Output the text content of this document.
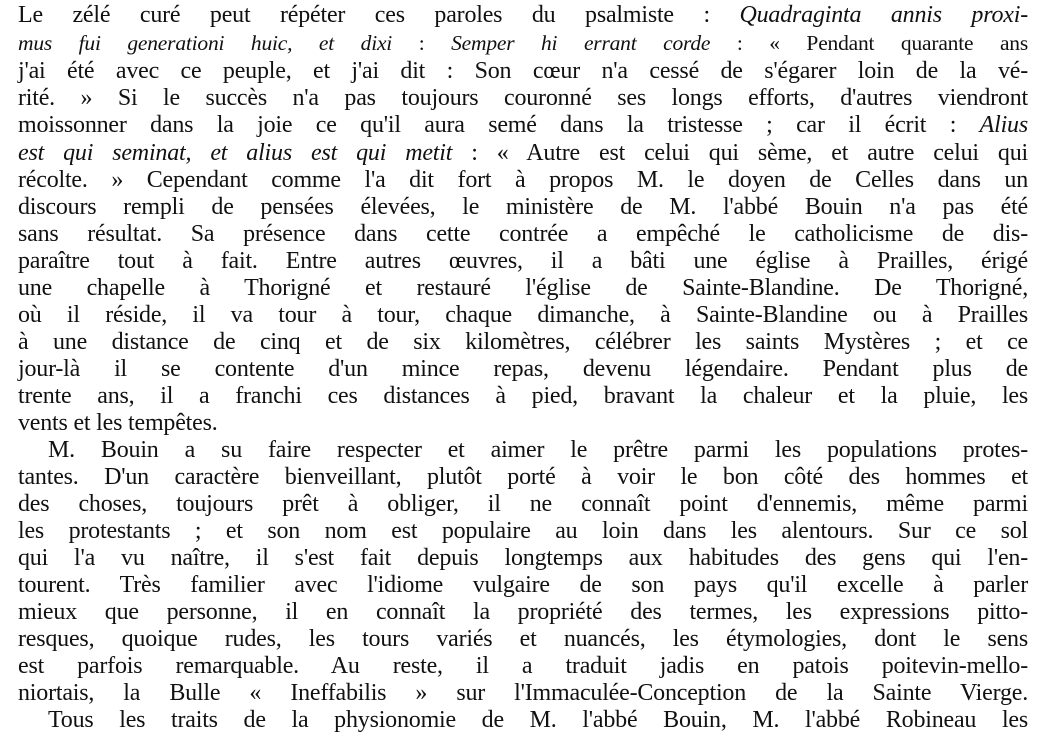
Le zélé curé peut répéter ces paroles du psalmiste : Quadraginta annis proxi-
mus fui generationi huic, et dixi : Semper hi errant corde : « Pendant quarante ans
j'ai été avec ce peuple, et j'ai dit : Son cœur n'a cessé de s'égarer loin de la vé-
rité. » Si le succès n'a pas toujours couronné ses longs efforts, d'autres viendront
moissonner dans la joie ce qu'il aura semé dans la tristesse ; car il écrit : Alius
est qui seminat, et alius est qui metit : « Autre est celui qui sème, et autre celui qui
récolte. » Cependant comme l'a dit fort à propos M. le doyen de Celles dans un
discours rempli de pensées élevées, le ministère de M. l'abbé Bouin n'a pas été
sans résultat. Sa présence dans cette contrée a empêché le catholicisme de dis-
paraître tout à fait. Entre autres œuvres, il a bâti une église à Prailles, érigé
une chapelle à Thorigné et restauré l'église de Sainte-Blandine. De Thorigné,
où il réside, il va tour à tour, chaque dimanche, à Sainte-Blandine ou à Prailles
à une distance de cinq et de six kilomètres, célébrer les saints Mystères ; et ce
jour-là il se contente d'un mince repas, devenu légendaire. Pendant plus de
trente ans, il a franchi ces distances à pied, bravant la chaleur et la pluie, les
vents et les tempêtes.
M. Bouin a su faire respecter et aimer le prêtre parmi les populations protes-
tantes. D'un caractère bienveillant, plutôt porté à voir le bon côté des hommes et
des choses, toujours prêt à obliger, il ne connaît point d'ennemis, même parmi
les protestants ; et son nom est populaire au loin dans les alentours. Sur ce sol
qui l'a vu naître, il s'est fait depuis longtemps aux habitudes des gens qui l'en-
tourent. Très familier avec l'idiome vulgaire de son pays qu'il excelle à parler
mieux que personne, il en connaît la propriété des termes, les expressions pitto-
resques, quoique rudes, les tours variés et nuancés, les étymologies, dont le sens
est parfois remarquable. Au reste, il a traduit jadis en patois poitevin-mello-
niortais, la Bulle « Ineffabilis » sur l'Immaculée-Conception de la Sainte Vierge.
Tous les traits de la physionomie de M. l'abbé Bouin, M. l'abbé Robineau les
